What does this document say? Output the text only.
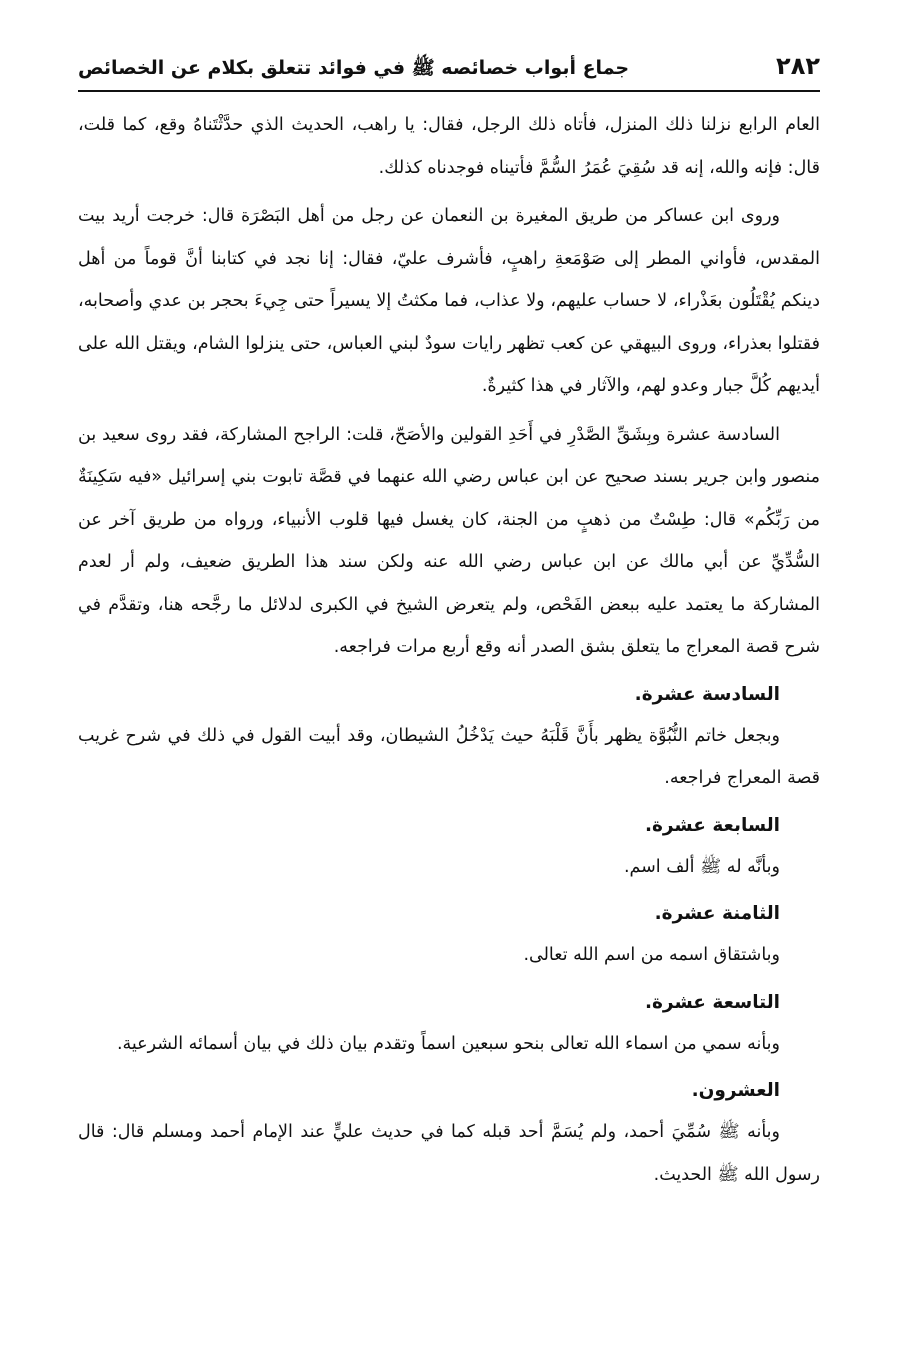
٢٨٢
جماع أبواب خصائصه ﷺ في فوائد تتعلق بكلام عن الخصائص

العام الرابع نزلنا ذلك المنزل، فأتاه ذلك الرجل، فقال: يا راهب، الحديث الذي حدَّثْتَناهُ وقع، كما قلت، قال: فإنه والله، إنه قد سُقِيَ عُمَرُ السُّمَّ فأتيناه فوجدناه كذلك.

وروى ابن عساكر من طريق المغيرة بن النعمان عن رجل من أهل البَصْرَة قال: خرجت أريد بيت المقدس، فأواني المطر إلى صَوْمَعةِ راهبٍ، فأشرف عليّ، فقال: إنا نجد في كتابنا أنَّ قوماً من أهل دينكم يُقْتَلُون بعَذْراء، لا حساب عليهم، ولا عذاب، فما مكثتُ إلا يسيراً حتى جِيءَ بحجر بن عدي وأصحابه، فقتلوا بعذراء، وروى البيهقي عن كعب تظهر رايات سودٌ لبني العباس، حتى ينزلوا الشام، ويقتل الله على أيديهم كُلَّ جبار وعدو لهم، والآثار في هذا كثيرةٌ.

السادسة عشرة وبِشَقِّ الصَّدْرِ في أَحَدِ القولين والأصَحّ، قلت: الراجح المشاركة، فقد روى سعيد بن منصور وابن جرير بسند صحيح عن ابن عباس رضي الله عنهما في قصَّة تابوت بني إسرائيل «فيه سَكِينَةٌ من رَبِّكُم» قال: طِسْتٌ من ذهبٍ من الجنة، كان يغسل فيها قلوب الأنبياء، ورواه من طريق آخر عن السُّدِّيِّ عن أبي مالك عن ابن عباس رضي الله عنه ولكن سند هذا الطريق ضعيف، ولم أر لعدم المشاركة ما يعتمد عليه ببعض الفَحْص، ولم يتعرض الشيخ في الكبرى لدلائل ما رجَّحه هنا، وتقدَّم في شرح قصة المعراج ما يتعلق بشق الصدر أنه وقع أربع مرات فراجعه.

السادسة عشرة.

وبجعل خاتم النُّبُوَّة يظهر بأَنَّ قَلْبَهُ حيث يَدْخُلُ الشيطان، وقد أبيت القول في ذلك في شرح غريب قصة المعراج فراجعه.

السابعة عشرة.

وبأنَّه له ﷺ ألف اسم.

الثامنة عشرة.

وباشتقاق اسمه من اسم الله تعالى.

التاسعة عشرة.

وبأنه سمي من اسماء الله تعالى بنحو سبعين اسماً وتقدم بيان ذلك في بيان أسمائه الشرعية.

العشرون.

وبأنه ﷺ سُمِّيَ أحمد، ولم يُسَمَّ أحد قبله كما في حديث عليٍّ عند الإمام أحمد ومسلم قال: قال رسول الله ﷺ الحديث.
